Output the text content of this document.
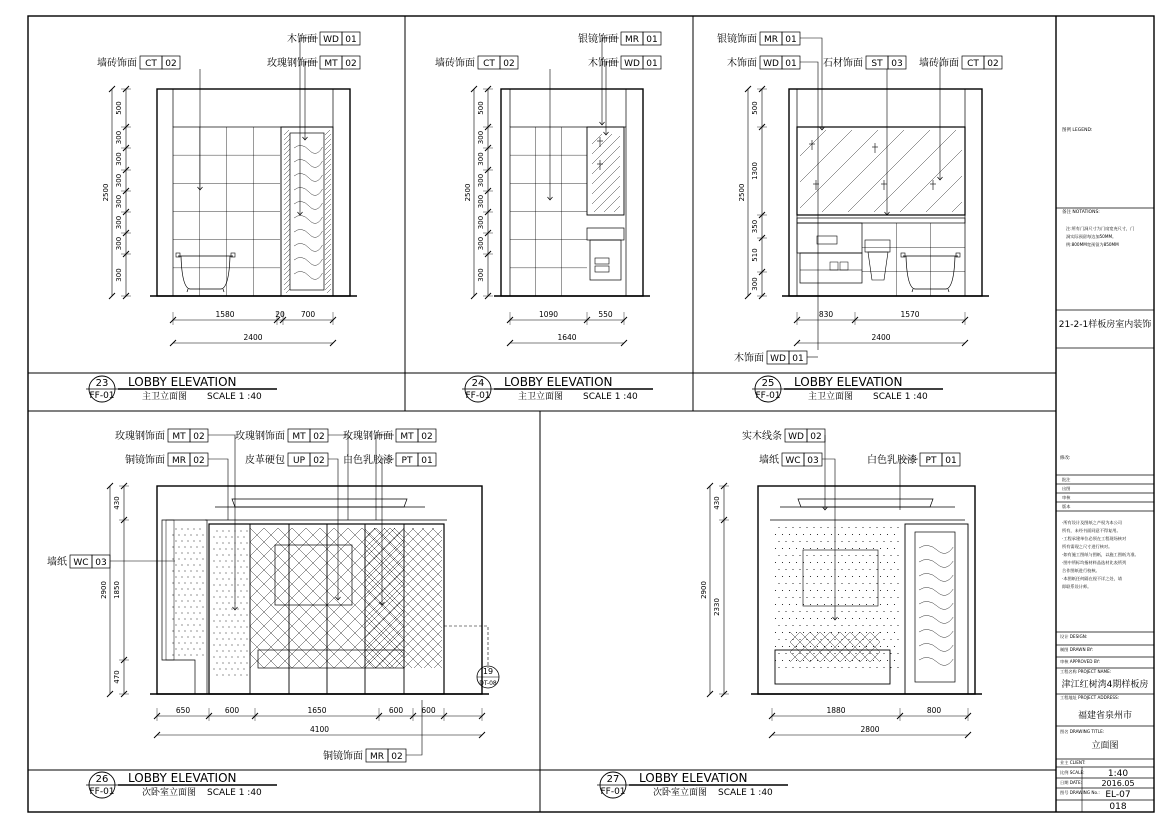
墙砖饰面 CT 02
木饰面 WD 01
玫瑰钢饰面 MT 02
500
300
300
300
300
300
300
300
2500
1580	20 700
2400
23
FF-01
LOBBY ELEVATION
主卫立面图 SCALE 1 :40
墙砖饰面 CT 02
银镜饰面 MR 01
木饰面 WD 01
500
300
300
300
300
300
300
300
2500
1090	550
1640
24
FF-01
LOBBY ELEVATION
主卫立面图 SCALE 1 :40
银镜饰面 MR 01
木饰面 WD 01	石材饰面 ST 03 墙砖饰面 CT 02
木饰面 WD 01
500
1300
350
510
300
2500
830	1570
2400
25
FF-01
LOBBY ELEVATION
主卫立面图 SCALE 1 :40
19
DT-08
玫瑰钢饰面 MT 02
铜镜饰面 MR 02
玫瑰钢饰面 MT 02
皮革硬包 UP 02
玫瑰钢饰面 MT 02
白色乳胶漆 PT 01
墙纸 WC 03
铜镜饰面 MR 02
430
1850
470
2900
650	600	1650	600 600
4100
26
FF-01
LOBBY ELEVATION
次卧室立面图 SCALE 1 :40
实木线条 WD 02
墙纸 WC 03	白色乳胶漆 PT 01
430
2330
2900
1880	800
2800
27
FF-01
LOBBY ELEVATION
次卧室立面图 SCALE 1 :40
图例 LEGEND:
备注 NOTATIONS:
注:所有门洞尺寸为门扇宽充尺寸，门
洞实际预留每边加50MM。
例:800MM宽预留为850MM
21-2-1样板房室内装饰
修改:
批注
出图
审核
版本
·所有设计及图纸之产权为本公司
所有，未经书面同意不得复用。
·工程承建单位必须在工程现场核对
所有需现之尺寸进行核对。
·如有施工图纸与图纸，以施工图纸为准。
·图中所标均指材料品选材比表所列
合作图纸进行校核。
·本图纸任何隔在视不详之处，请
即联系设计师。
设计 DESIGN:
制图 DRAWN BY:
审核 APPROVED BY:
工程名称 PROJECT NAME:
津江红树湾4期样板房
工程地址 PROJECT ADDRESS:
福建省泉州市
图名 DRAWING TITLE:
立面图
业主 CLIENT:
比例 SCALE:	1:40
日期 DATE: 2016.05
图号 DRAWING No.: EL-07
018
